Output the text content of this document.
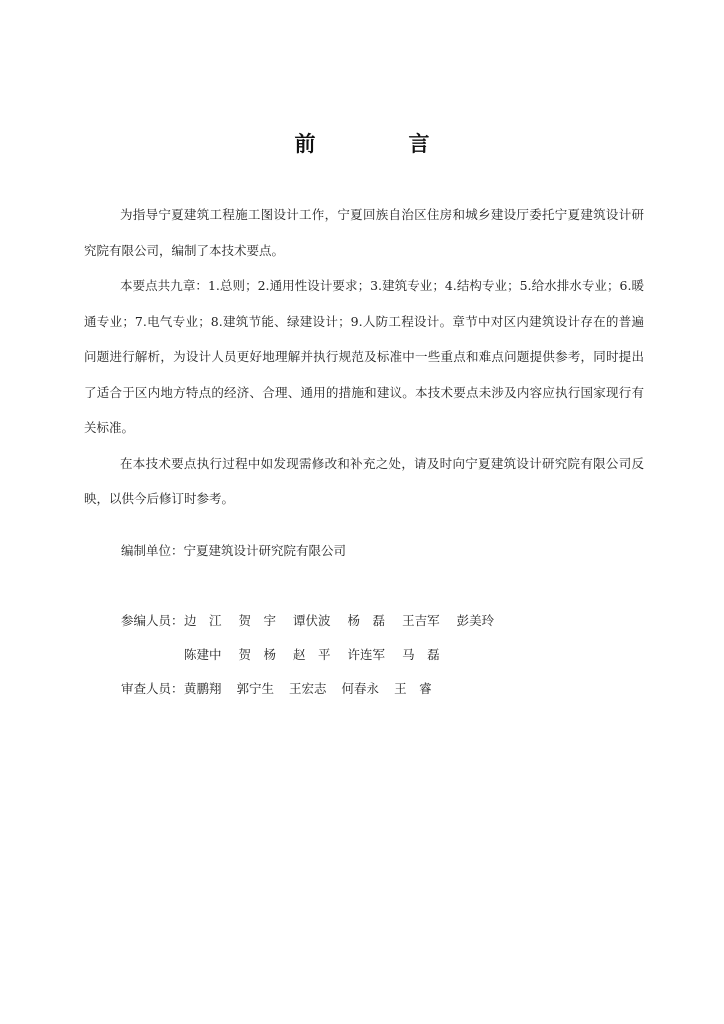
前　言

为指导宁夏建筑工程施工图设计工作，宁夏回族自治区住房和城乡建设厅委托宁夏建筑设计研究院有限公司，编制了本技术要点。

本要点共九章：1.总则；2.通用性设计要求；3.建筑专业；4.结构专业；5.给水排水专业；6.暖通专业；7.电气专业；8.建筑节能、绿建设计；9.人防工程设计。章节中对区内建筑设计存在的普遍问题进行解析，为设计人员更好地理解并执行规范及标准中一些重点和难点问题提供参考，同时提出了适合于区内地方特点的经济、合理、通用的措施和建议。本技术要点未涉及内容应执行国家现行有关标准。

在本技术要点执行过程中如发现需修改和补充之处，请及时向宁夏建筑设计研究院有限公司反映，以供今后修订时参考。

编制单位：宁夏建筑设计研究院有限公司
参编人员： 边　江 贺　宇 谭伏波 杨　磊 王吉军 彭美玲
陈建中 贺　杨 赵　平 许连军 马　磊
审查人员： 黄鹏翔 郭宁生 王宏志 何春永 王　睿
